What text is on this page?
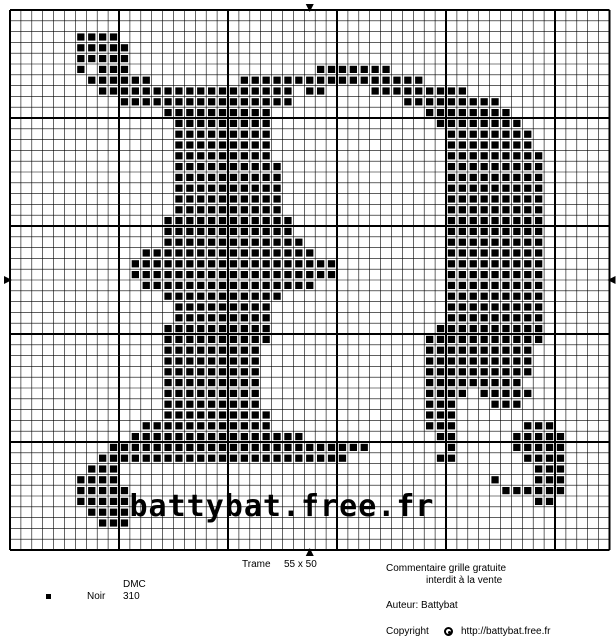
battybat.free.fr
Trame 55 x 50	Commentaire grille gratuite
interdit à la vente
DMC
Noir 310
Auteur: Battybat
Copyright	http://battybat.free.fr
